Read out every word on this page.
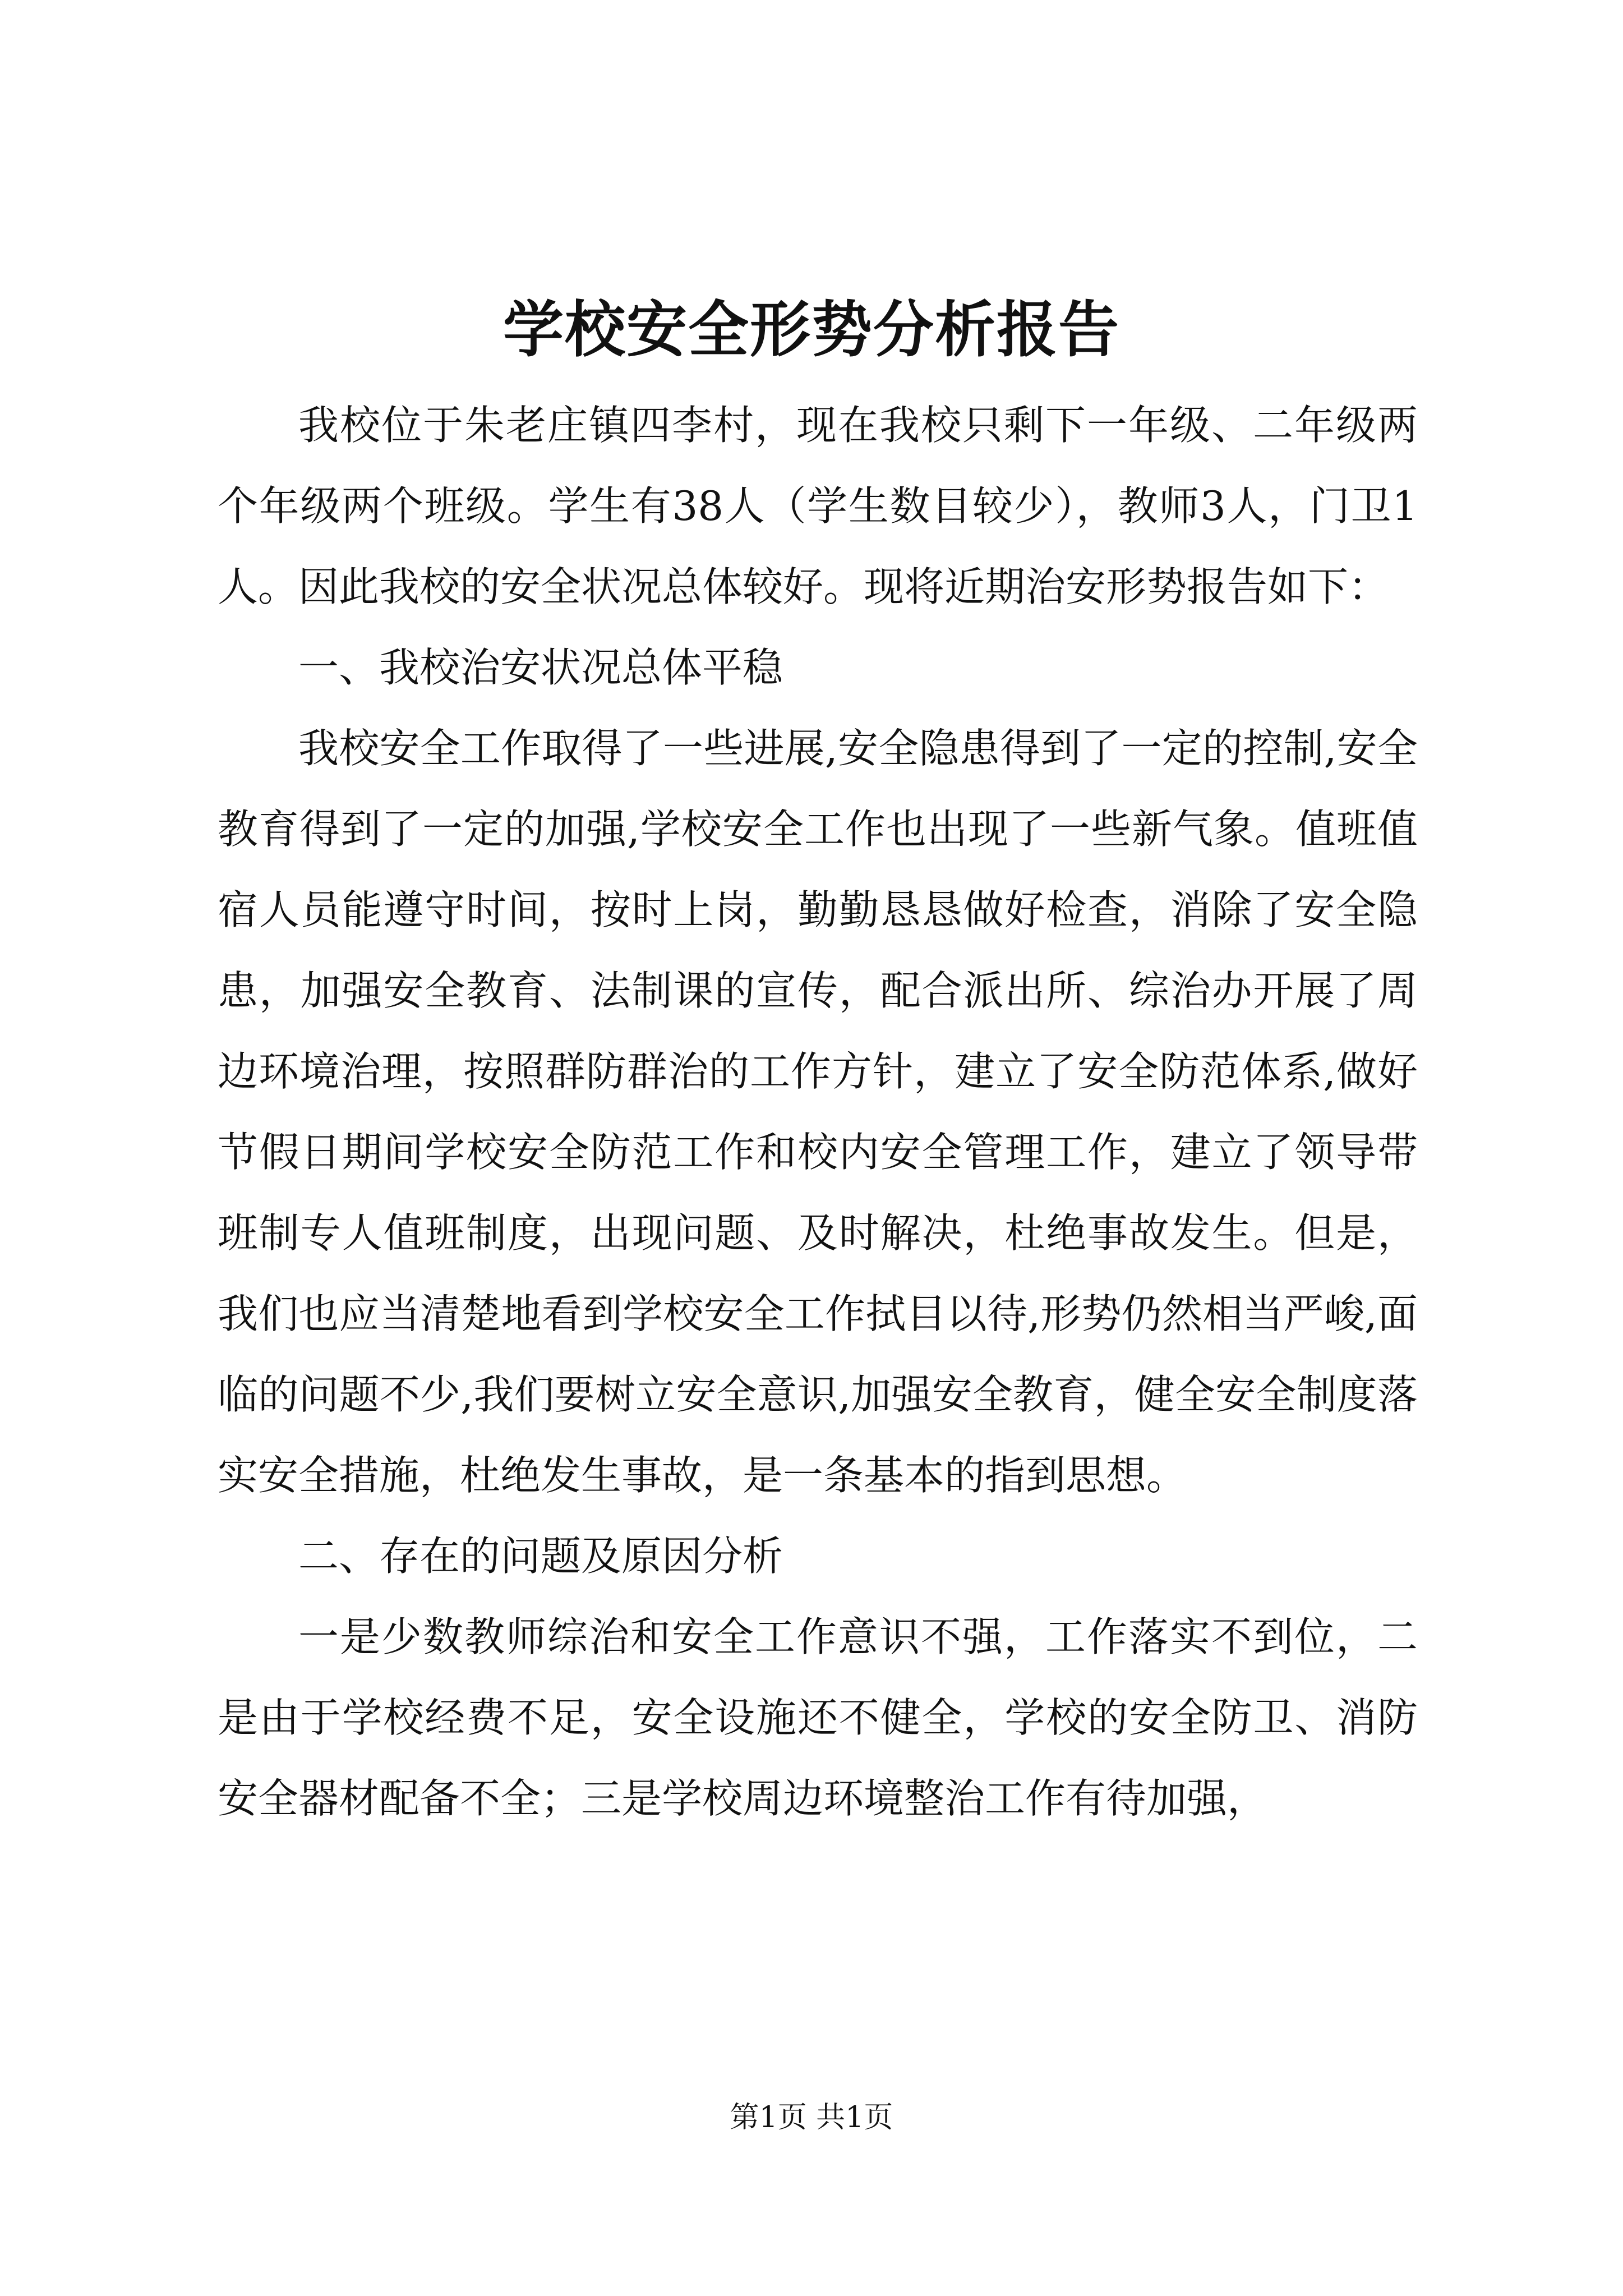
学校安全形势分析报告

我校位于朱老庄镇四李村，现在我校只剩下一年级、二年级两个年级两个班级。学生有38人（学生数目较少），教师3人，门卫1人。因此我校的安全状况总体较好。现将近期治安形势报告如下：

一、我校治安状况总体平稳

我校安全工作取得了一些进展,安全隐患得到了一定的控制,安全教育得到了一定的加强,学校安全工作也出现了一些新气象。值班值宿人员能遵守时间，按时上岗，勤勤恳恳做好检查，消除了安全隐患，加强安全教育、法制课的宣传，配合派出所、综治办开展了周边环境治理，按照群防群治的工作方针，建立了安全防范体系,做好节假日期间学校安全防范工作和校内安全管理工作，建立了领导带班制专人值班制度，出现问题、及时解决，杜绝事故发生。但是，我们也应当清楚地看到学校安全工作拭目以待,形势仍然相当严峻,面临的问题不少,我们要树立安全意识,加强安全教育，健全安全制度落实安全措施，杜绝发生事故，是一条基本的指到思想。

二、存在的问题及原因分析

一是少数教师综治和安全工作意识不强，工作落实不到位，二是由于学校经费不足，安全设施还不健全，学校的安全防卫、消防安全器材配备不全；三是学校周边环境整治工作有待加强，

第1页 共1页
